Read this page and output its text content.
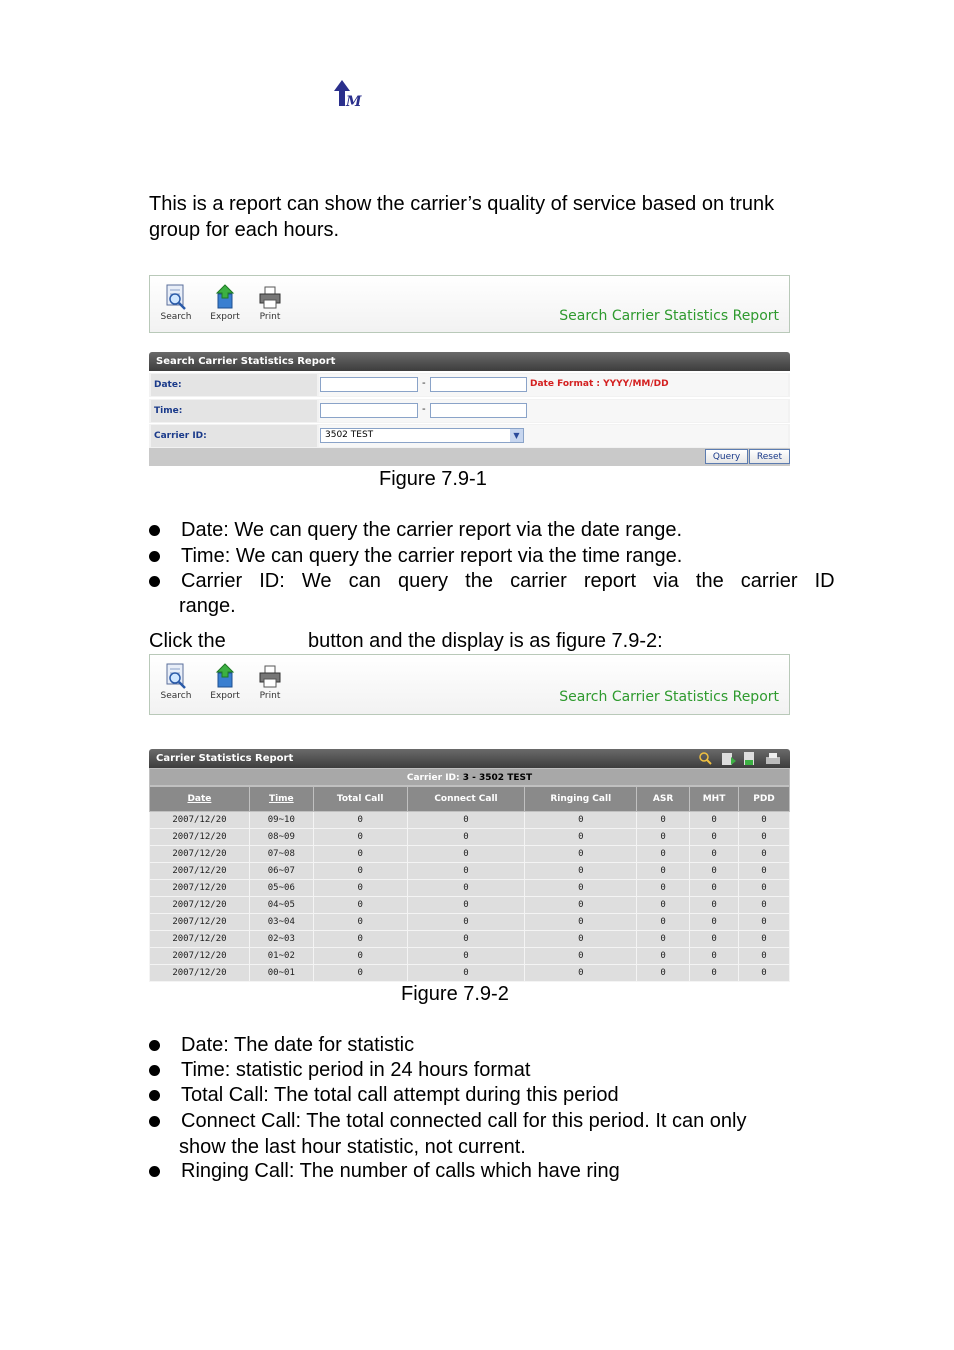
M
This is a report can show the carrier’s quality of service based on trunk group for each hours.
Search	Export	Print	Search Carrier Statistics Report
Search Carrier Statistics Report
Date:	-	Date Format : YYYY/MM/DD
Time:	-
Carrier ID:	3502 TEST	▼
Query	Reset
Figure 7.9-1
Date: We can query the carrier report via the date range.
Time: We can query the carrier report via the time range.
Carrier  ID:  We  can  query  the  carrier  report  via  the  carrier  ID
range.
Click the	button and the display is as figure 7.9-2:
Search	Export	Print	Search Carrier Statistics Report
Carrier Statistics Report
Carrier ID: 3 - 3502 TEST
Date	Time	Total Call	Connect Call	Ringing Call	ASR	MHT	PDD
2007/12/20	09~10	0	0	0	0	0	0
2007/12/20	08~09	0	0	0	0	0	0
2007/12/20	07~08	0	0	0	0	0	0
2007/12/20	06~07	0	0	0	0	0	0
2007/12/20	05~06	0	0	0	0	0	0
2007/12/20	04~05	0	0	0	0	0	0
2007/12/20	03~04	0	0	0	0	0	0
2007/12/20	02~03	0	0	0	0	0	0
2007/12/20	01~02	0	0	0	0	0	0
2007/12/20	00~01	0	0	0	0	0	0
Figure 7.9-2
Date: The date for statistic
Time: statistic period in 24 hours format
Total Call: The total call attempt during this period
Connect Call: The total connected call for this period. It can only
show the last hour statistic, not current.
Ringing Call: The number of calls which have ring
